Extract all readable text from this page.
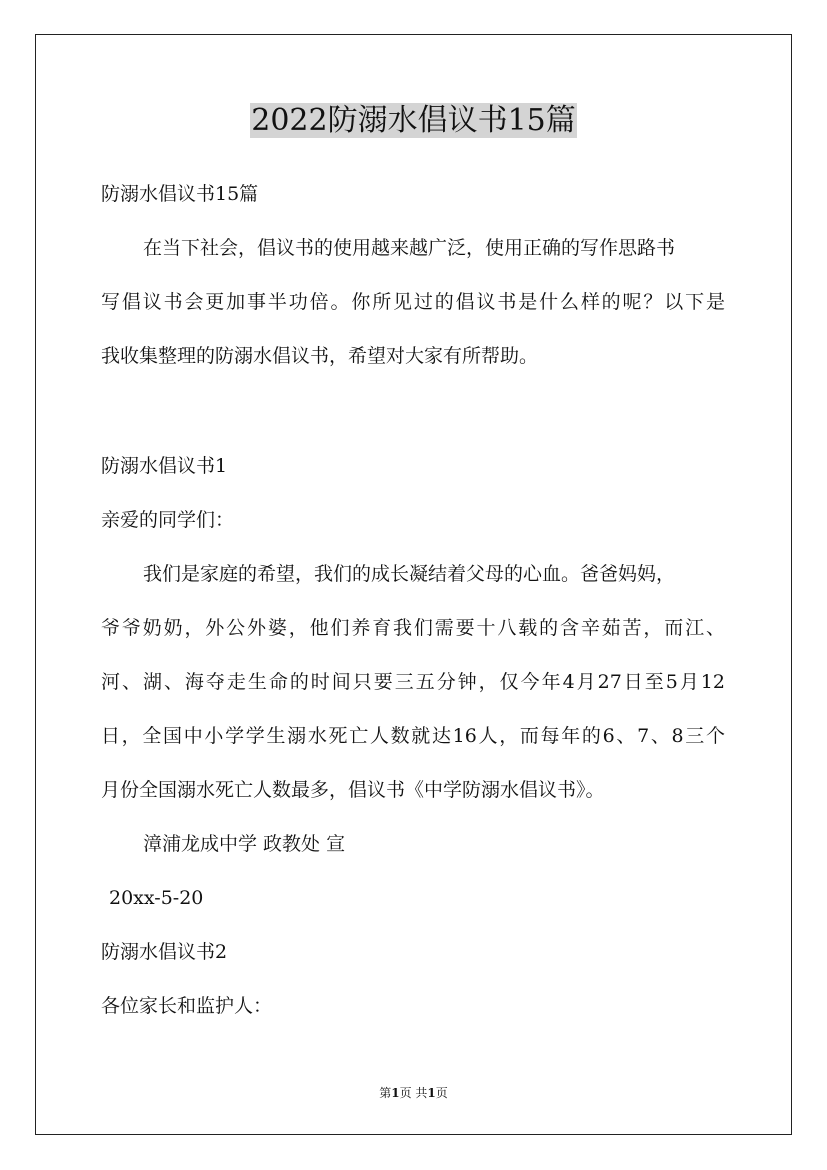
2022防溺水倡议书15篇
防溺水倡议书15篇
在当下社会，倡议书的使用越来越广泛，使用正确的写作思路书
写倡议书会更加事半功倍。你所见过的倡议书是什么样的呢？以下是
我收集整理的防溺水倡议书，希望对大家有所帮助。
防溺水倡议书1
亲爱的同学们：
我们是家庭的希望，我们的成长凝结着父母的心血。爸爸妈妈，
爷爷奶奶，外公外婆，他们养育我们需要十八载的含辛茹苦，而江、
河、湖、海夺走生命的时间只要三五分钟，仅今年4月27日至5月12
日，全国中小学学生溺水死亡人数就达16人，而每年的6、7、8三个
月份全国溺水死亡人数最多，倡议书《中学防溺水倡议书》。
漳浦龙成中学 政教处 宣
20xx-5-20
防溺水倡议书2
各位家长和监护人：
第1页 共1页
